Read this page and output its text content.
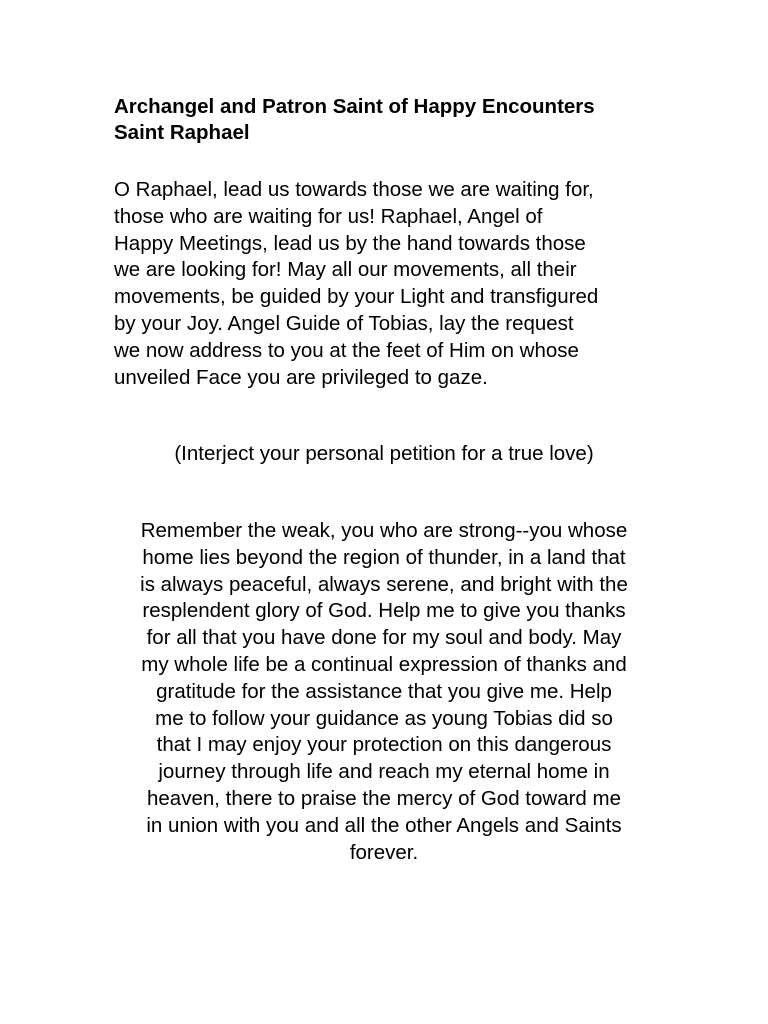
Archangel and Patron Saint of Happy Encounters
Saint Raphael

O Raphael, lead us towards those we are waiting for,
those who are waiting for us! Raphael, Angel of
Happy Meetings, lead us by the hand towards those
we are looking for! May all our movements, all their
movements, be guided by your Light and transfigured
by your Joy. Angel Guide of Tobias, lay the request
we now address to you at the feet of Him on whose
unveiled Face you are privileged to gaze.

(Interject your personal petition for a true love)

Remember the weak, you who are strong--you whose
home lies beyond the region of thunder, in a land that
is always peaceful, always serene, and bright with the
resplendent glory of God. Help me to give you thanks
for all that you have done for my soul and body. May
my whole life be a continual expression of thanks and
gratitude for the assistance that you give me. Help
me to follow your guidance as young Tobias did so
that I may enjoy your protection on this dangerous
journey through life and reach my eternal home in
heaven, there to praise the mercy of God toward me
in union with you and all the other Angels and Saints
forever.
